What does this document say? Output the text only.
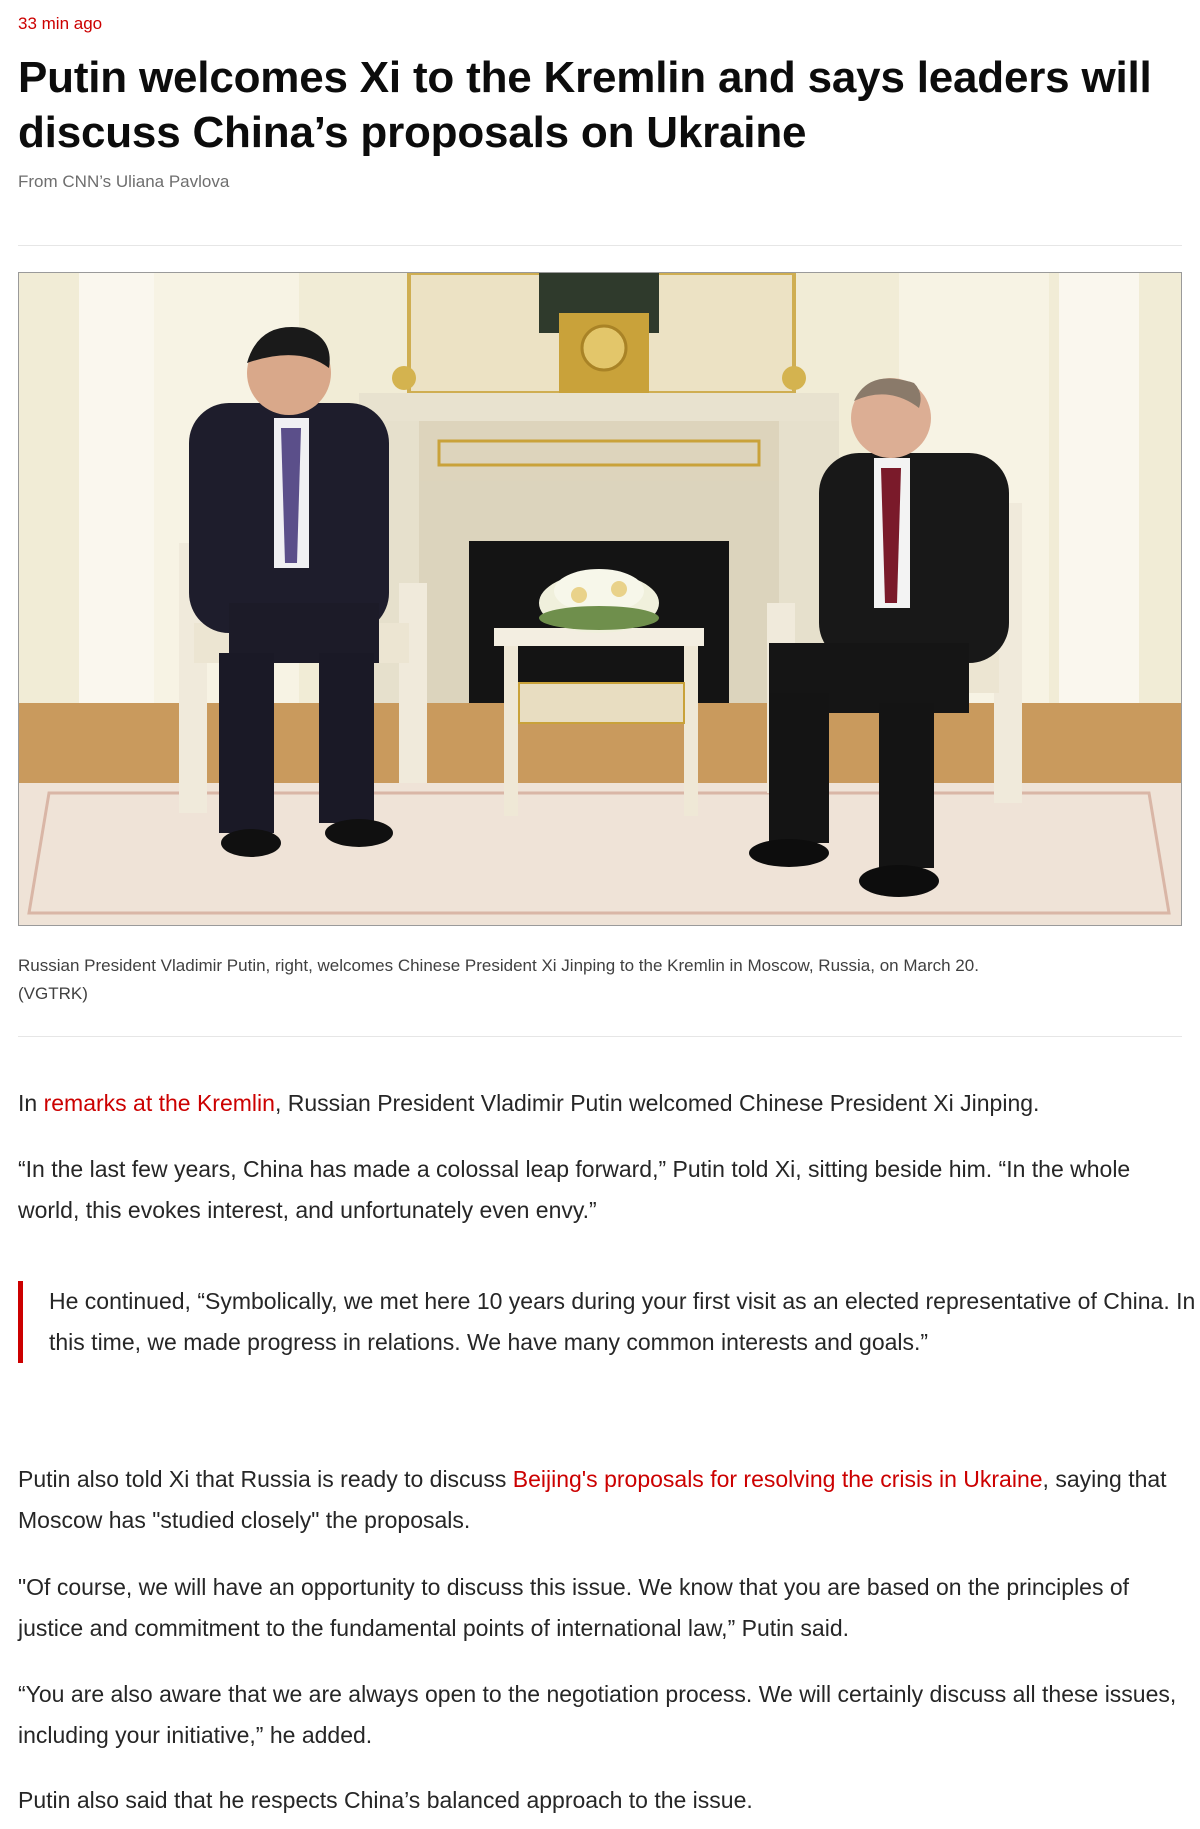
33 min ago
Putin welcomes Xi to the Kremlin and says leaders will discuss China’s proposals on Ukraine
From CNN’s Uliana Pavlova
Russian President Vladimir Putin, right, welcomes Chinese President Xi Jinping to the Kremlin in Moscow, Russia, on March 20.
(VGTRK)

In remarks at the Kremlin, Russian President Vladimir Putin welcomed Chinese President Xi Jinping.

“In the last few years, China has made a colossal leap forward,” Putin told Xi, sitting beside him. “In the whole world, this evokes interest, and unfortunately even envy.”

He continued, “Symbolically, we met here 10 years during your first visit as an elected representative of China. In this time, we made progress in relations. We have many common interests and goals.”

Putin also told Xi that Russia is ready to discuss Beijing's proposals for resolving the crisis in Ukraine, saying that Moscow has "studied closely" the proposals.

"Of course, we will have an opportunity to discuss this issue. We know that you are based on the principles of justice and commitment to the fundamental points of international law,” Putin said.

“You are also aware that we are always open to the negotiation process. We will certainly discuss all these issues, including your initiative,” he added.

Putin also said that he respects China’s balanced approach to the issue.
